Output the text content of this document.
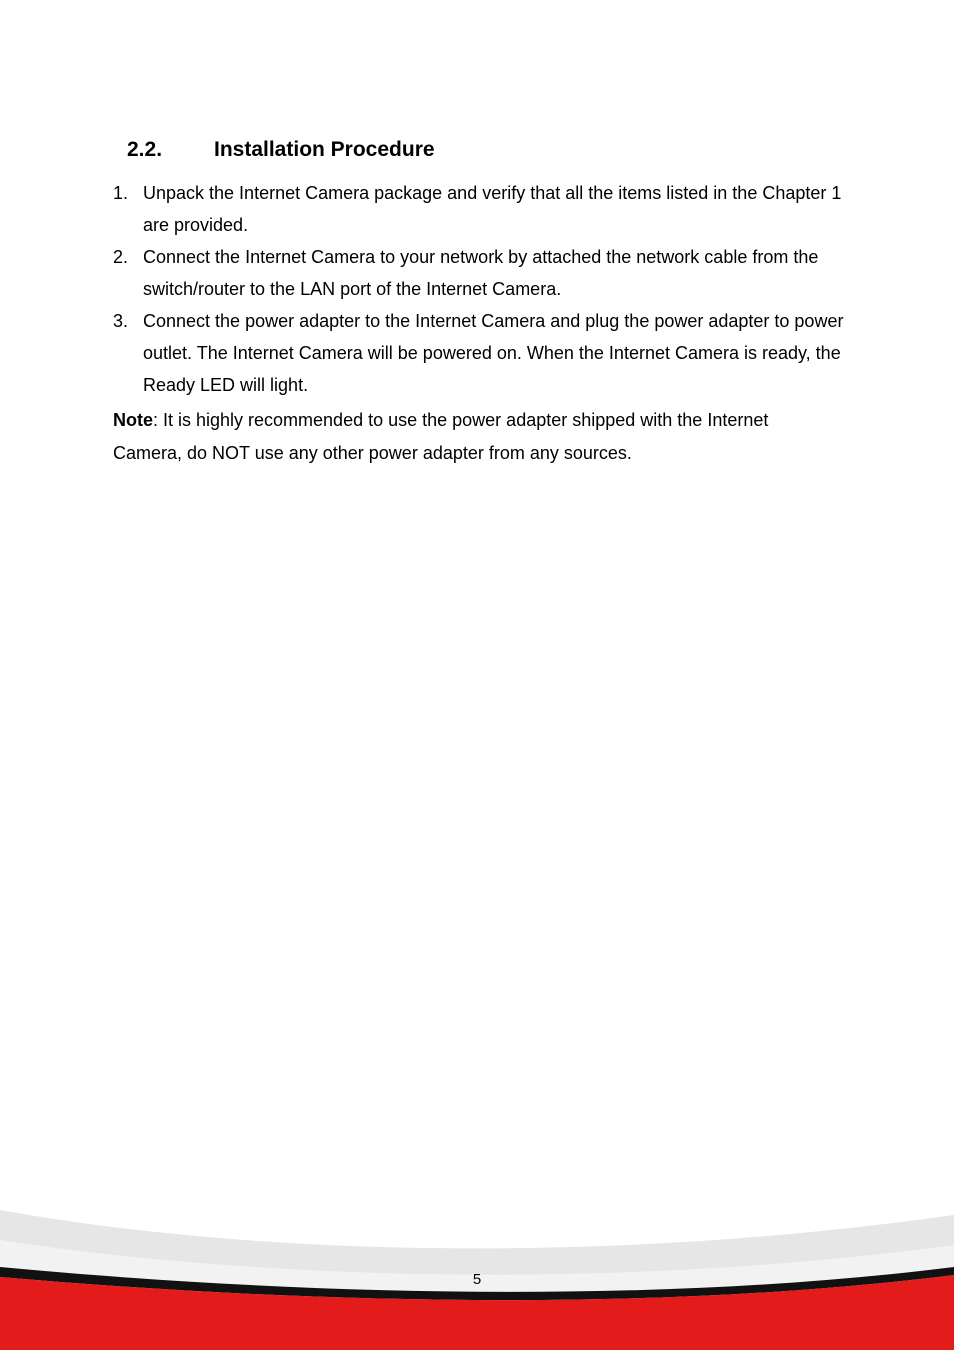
2.2.	Installation Procedure
1. Unpack the Internet Camera package and verify that all the items listed in the Chapter 1 are provided.
2. Connect the Internet Camera to your network by attached the network cable from the switch/router to the LAN port of the Internet Camera.
3. Connect the power adapter to the Internet Camera and plug the power adapter to power outlet. The Internet Camera will be powered on. When the Internet Camera is ready, the Ready LED will light.

Note: It is highly recommended to use the power adapter shipped with the Internet Camera, do NOT use any other power adapter from any sources.

5
